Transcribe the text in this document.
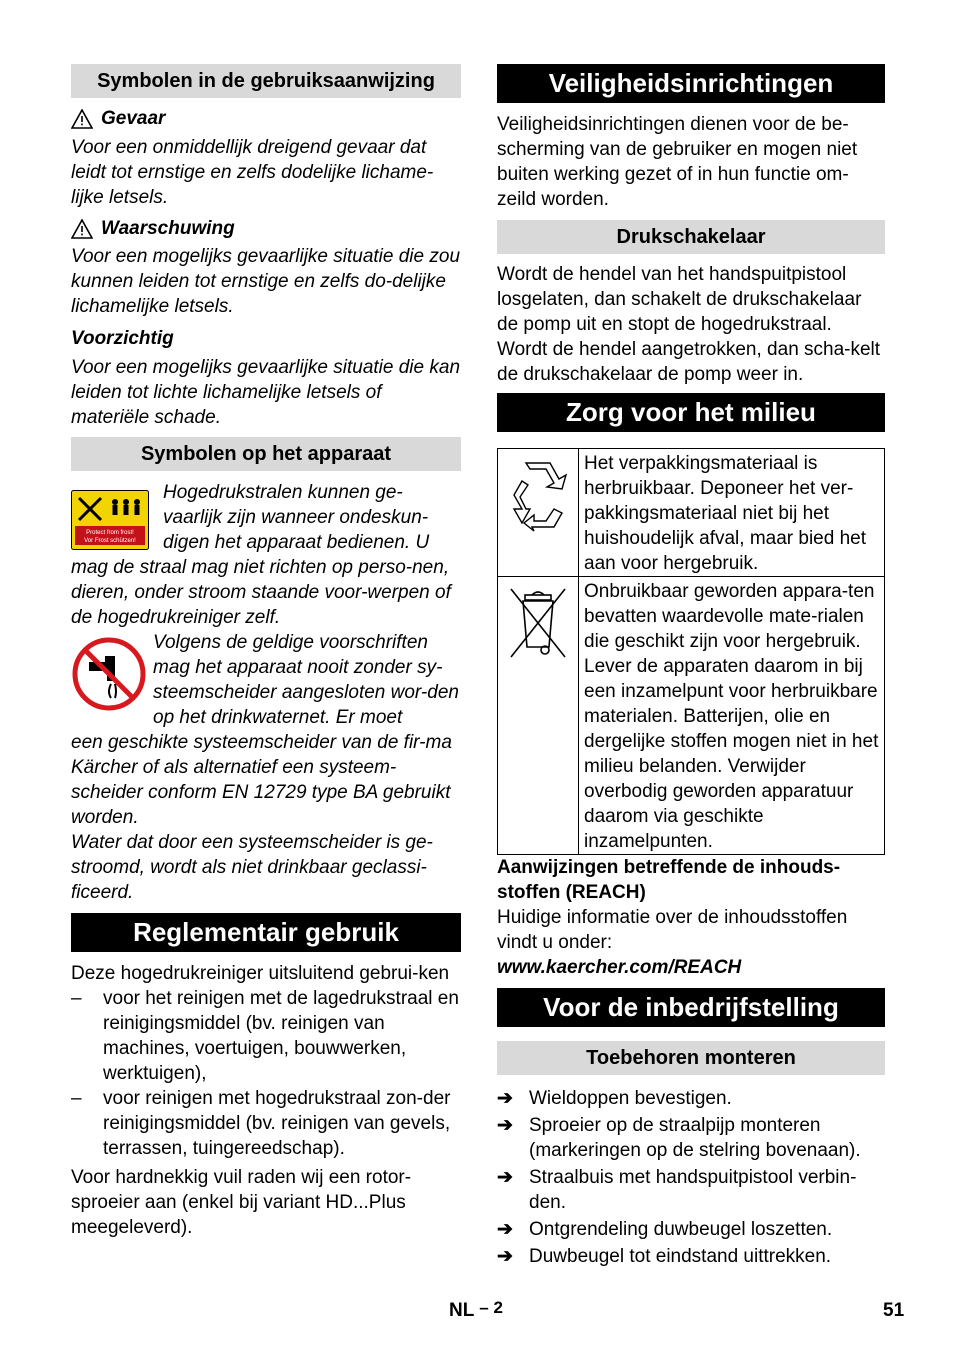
Symbolen in de gebruiksaanwijzing
Gevaar

Voor een onmiddellijk dreigend gevaar dat leidt tot ernstige en zelfs dodelijke lichame-lijke letsels.

Waarschuwing

Voor een mogelijks gevaarlijke situatie die zou kunnen leiden tot ernstige en zelfs do-delijke lichamelijke letsels.

Voorzichtig

Voor een mogelijks gevaarlijke situatie die kan leiden tot lichte lichamelijke letsels of materiële schade.

Symbolen op het apparaat
Protect from frost!
Vor Frost schützen!

Hogedrukstralen kunnen ge-vaarlijk zijn wanneer ondeskun-digen het apparaat bedienen. U

mag de straal mag niet richten op perso-nen, dieren, onder stroom staande voor-werpen of de hogedrukreiniger zelf.

Volgens de geldige voorschriften mag het apparaat nooit zonder sy-steemscheider aangesloten wor-den op het drinkwaternet. Er moet

een geschikte systeemscheider van de fir-ma Kärcher of als alternatief een systeem-scheider conform EN 12729 type BA gebruikt worden.

Water dat door een systeemscheider is ge-stroomd, wordt als niet drinkbaar geclassi-ficeerd.

Reglementair gebruik

Deze hogedrukreiniger uitsluitend gebrui-ken

– voor het reinigen met de lagedrukstraal en reinigingsmiddel (bv. reinigen van machines, voertuigen, bouwwerken, werktuigen),
– voor reinigen met hogedrukstraal zon-der reinigingsmiddel (bv. reinigen van gevels, terrassen, tuingereedschap).

Voor hardnekkig vuil raden wij een rotor-sproeier aan (enkel bij variant HD...Plus meegeleverd).

Veiligheidsinrichtingen

Veiligheidsinrichtingen dienen voor de be-scherming van de gebruiker en mogen niet buiten werking gezet of in hun functie om-zeild worden.

Drukschakelaar

Wordt de hendel van het handspuitpistool losgelaten, dan schakelt de drukschakelaar de pomp uit en stopt de hogedrukstraal. Wordt de hendel aangetrokken, dan scha-kelt de drukschakelaar de pomp weer in.

Zorg voor het milieu
	Het verpakkingsmateriaal is herbruikbaar. Deponeer het ver-pakkingsmateriaal niet bij het huishoudelijk afval, maar bied het aan voor hergebruik.
	Onbruikbaar geworden appara-ten bevatten waardevolle mate-rialen die geschikt zijn voor hergebruik. Lever de apparaten daarom in bij een inzamelpunt voor herbruikbare materialen. Batterijen, olie en dergelijke stoffen mogen niet in het milieu belanden. Verwijder overbodig geworden apparatuur daarom via geschikte inzamelpunten.

Aanwijzingen betreffende de inhouds-stoffen (REACH)

Huidige informatie over de inhoudsstoffen vindt u onder:

www.kaercher.com/REACH

Voor de inbedrijfstelling
Toebehoren monteren
➔ Wieldoppen bevestigen.
➔ Sproeier op de straalpijp monteren (markeringen op de stelring bovenaan).
➔ Straalbuis met handspuitpistool verbin-den.
➔ Ontgrendeling duwbeugel loszetten.
➔ Duwbeugel tot eindstand uittrekken.
NL – 2	51
